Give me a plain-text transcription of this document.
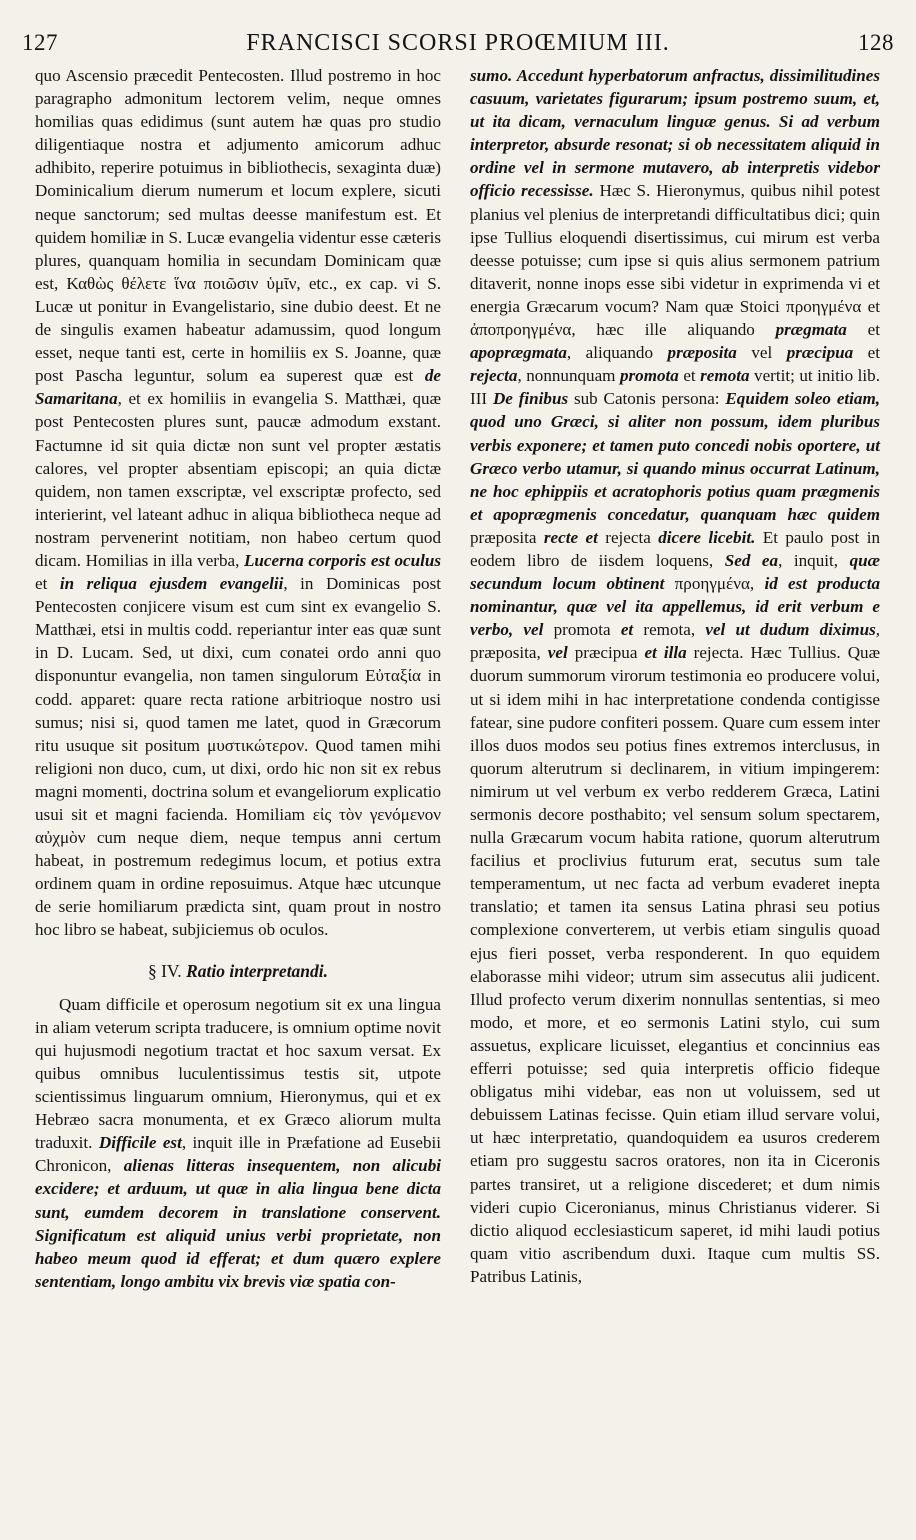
127	FRANCISCI SCORSI PROŒMIUM III.	128

quo Ascensio præcedit Pentecosten. Illud postremo in hoc paragrapho admonitum lectorem velim, neque omnes homilias quas edidimus (sunt autem hæ quas pro studio diligentiaque nostra et adjumento amicorum adhuc adhibito, reperire potuimus in bibliothecis, sexaginta duæ) Dominicalium dierum numerum et locum explere, sicuti neque sanctorum; sed multas deesse manifestum est. Et quidem homiliæ in S. Lucæ evangelia videntur esse cæteris plures, quanquam homilia in secundam Dominicam quæ est, Καθὼς θέλετε ἵνα ποιῶσιν ὑμῖν, etc., ex cap. vi S. Lucæ ut ponitur in Evangelistario, sine dubio deest. Et ne de singulis examen habeatur adamussim, quod longum esset, neque tanti est, certe in homiliis ex S. Joanne, quæ post Pascha leguntur, solum ea superest quæ est de Samaritana, et ex homiliis in evangelia S. Matthæi, quæ post Pentecosten plures sunt, paucæ admodum exstant. Factumne id sit quia dictæ non sunt vel propter æstatis calores, vel propter absentiam episcopi; an quia dictæ quidem, non tamen exscriptæ, vel exscriptæ profecto, sed interierint, vel lateant adhuc in aliqua bibliotheca neque ad nostram pervenerint notitiam, non habeo certum quod dicam. Homilias in illa verba, Lucerna corporis est oculus et in reliqua ejusdem evangelii, in Dominicas post Pentecosten conjicere visum est cum sint ex evangelio S. Matthæi, etsi in multis codd. reperiantur inter eas quæ sunt in D. Lucam. Sed, ut dixi, cum conatei ordo anni quo disponuntur evangelia, non tamen singulorum Εὐταξία in codd. apparet: quare recta ratione arbitrioque nostro usi sumus; nisi si, quod tamen me latet, quod in Græcorum ritu usuque sit positum μυστικώτερον. Quod tamen mihi religioni non duco, cum, ut dixi, ordo hic non sit ex rebus magni momenti, doctrina solum et evangeliorum explicatio usui sit et magni facienda. Homiliam εἰς τὸν γενόμενον αὐχμὸν cum neque diem, neque tempus anni certum habeat, in postremum redegimus locum, et potius extra ordinem quam in ordine reposuimus. Atque hæc utcunque de serie homiliarum prædicta sint, quam prout in nostro hoc libro se habeat, subjiciemus ob oculos.

§ IV. Ratio interpretandi.

Quam difficile et operosum negotium sit ex una lingua in aliam veterum scripta traducere, is omnium optime novit qui hujusmodi negotium tractat et hoc saxum versat. Ex quibus omnibus luculentissimus testis sit, utpote scientissimus linguarum omnium, Hieronymus, qui et ex Hebræo sacra monumenta, et ex Græco aliorum multa traduxit. Difficile est, inquit ille in Præfatione ad Eusebii Chronicon, alienas litteras insequentem, non alicubi excidere; et arduum, ut quæ in alia lingua bene dicta sunt, eumdem decorem in translatione conservent. Significatum est aliquid unius verbi proprietate, non habeo meum quod id efferat; et dum quæro explere sententiam, longo ambitu vix brevis viæ spatia con-

sumo. Accedunt hyperbatorum anfractus, dissimilitudines casuum, varietates figurarum; ipsum postremo suum, et, ut ita dicam, vernaculum linguæ genus. Si ad verbum interpretor, absurde resonat; si ob necessitatem aliquid in ordine vel in sermone mutavero, ab interpretis videbor officio recessisse. Hæc S. Hieronymus, quibus nihil potest planius vel plenius de interpretandi difficultatibus dici; quin ipse Tullius eloquendi disertissimus, cui mirum est verba deesse potuisse; cum ipse si quis alius sermonem patrium ditaverit, nonne inops esse sibi videtur in exprimenda vi et energia Græcarum vocum? Nam quæ Stoici προηγμένα et ἀποπροηγμένα, hæc ille aliquando prægmata et apoprægmata, aliquando præposita vel præcipua et rejecta, nonnunquam promota et remota vertit; ut initio lib. III De finibus sub Catonis persona: Equidem soleo etiam, quod uno Græci, si aliter non possum, idem pluribus verbis exponere; et tamen puto concedi nobis oportere, ut Græco verbo utamur, si quando minus occurrat Latinum, ne hoc ephippiis et acratophoris potius quam prægmenis et apoprægmenis concedatur, quanquam hæc quidem præposita recte et rejecta dicere licebit. Et paulo post in eodem libro de iisdem loquens, Sed ea, inquit, quæ secundum locum obtinent προηγμένα, id est producta nominantur, quæ vel ita appellemus, id erit verbum e verbo, vel promota et remota, vel ut dudum diximus, præposita, vel præcipua et illa rejecta. Hæc Tullius. Quæ duorum summorum virorum testimonia eo producere volui, ut si idem mihi in hac interpretatione condenda contigisse fatear, sine pudore confiteri possem. Quare cum essem inter illos duos modos seu potius fines extremos interclusus, in quorum alterutrum si declinarem, in vitium impingerem: nimirum ut vel verbum ex verbo redderem Græca, Latini sermonis decore posthabito; vel sensum solum spectarem, nulla Græcarum vocum habita ratione, quorum alterutrum facilius et proclivius futurum erat, secutus sum tale temperamentum, ut nec facta ad verbum evaderet inepta translatio; et tamen ita sensus Latina phrasi seu potius complexione converterem, ut verbis etiam singulis quoad ejus fieri posset, verba responderent. In quo equidem elaborasse mihi videor; utrum sim assecutus alii judicent. Illud profecto verum dixerim nonnullas sententias, si meo modo, et more, et eo sermonis Latini stylo, cui sum assuetus, explicare licuisset, elegantius et concinnius eas efferri potuisse; sed quia interpretis officio fideque obligatus mihi videbar, eas non ut voluissem, sed ut debuissem Latinas fecisse. Quin etiam illud servare volui, ut hæc interpretatio, quandoquidem ea usuros crederem etiam pro suggestu sacros oratores, non ita in Ciceronis partes transiret, ut a religione discederet; et dum nimis videri cupio Ciceronianus, minus Christianus viderer. Si dictio aliquod ecclesiasticum saperet, id mihi laudi potius quam vitio ascribendum duxi. Itaque cum multis SS. Patribus Latinis,
